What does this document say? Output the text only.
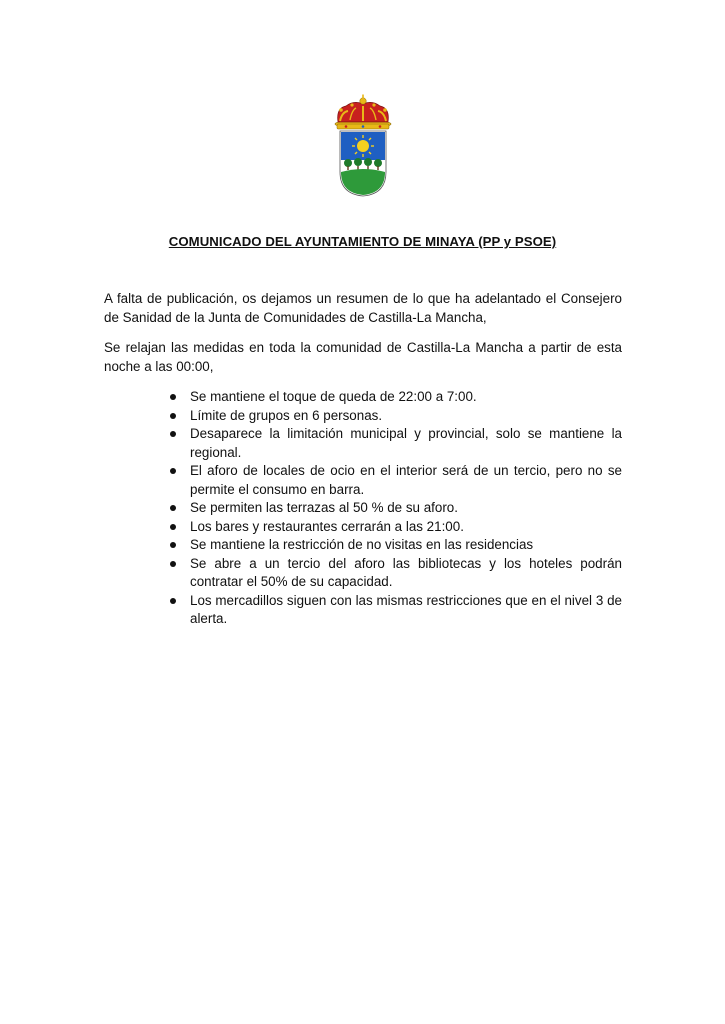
COMUNICADO DEL AYUNTAMIENTO DE MINAYA (PP y PSOE)

A falta de publicación, os dejamos un resumen de lo que ha adelantado el Consejero de Sanidad de la Junta de Comunidades de Castilla-La Mancha,

Se relajan las medidas en toda la comunidad de Castilla-La Mancha a partir de esta noche a las 00:00,

Se mantiene el toque de queda de 22:00 a 7:00.
Límite de grupos en 6 personas.
Desaparece la limitación municipal y provincial, solo se mantiene la regional.
El aforo de locales de ocio en el interior será de un tercio, pero no se permite el consumo en barra.
Se permiten las terrazas al 50 % de su aforo.
Los bares y restaurantes cerrarán a las 21:00.
Se mantiene la restricción de no visitas en las residencias
Se abre a un tercio del aforo las bibliotecas y los hoteles podrán contratar el 50% de su capacidad.
Los mercadillos siguen con las mismas restricciones que en el nivel 3 de alerta.
